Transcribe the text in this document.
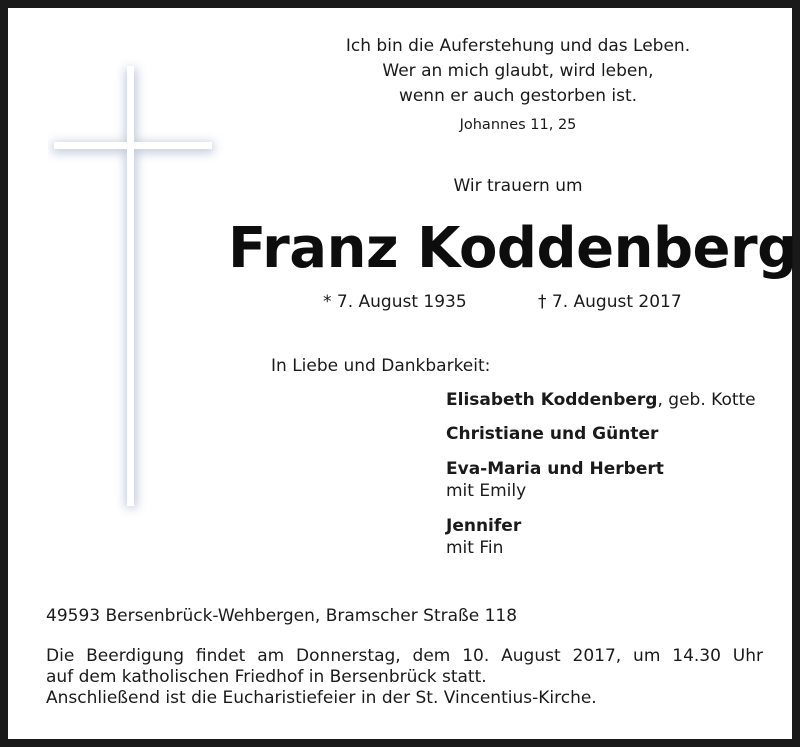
Ich bin die Auferstehung und das Leben.
Wer an mich glaubt, wird leben,
wenn er auch gestorben ist.
Johannes 11, 25
Wir trauern um
Franz Koddenberg
* 7. August 1935	† 7. August 2017
In Liebe und Dankbarkeit:
Elisabeth Koddenberg, geb. Kotte
Christiane und Günter
Eva-Maria und Herbert
mit Emily
Jennifer
mit Fin
49593 Bersenbrück-Wehbergen, Bramscher Straße 118
Die Beerdigung findet am Donnerstag, dem 10. August 2017, um 14.30 Uhr
auf dem katholischen Friedhof in Bersenbrück statt.
Anschließend ist die Eucharistiefeier in der St. Vincentius-Kirche.
